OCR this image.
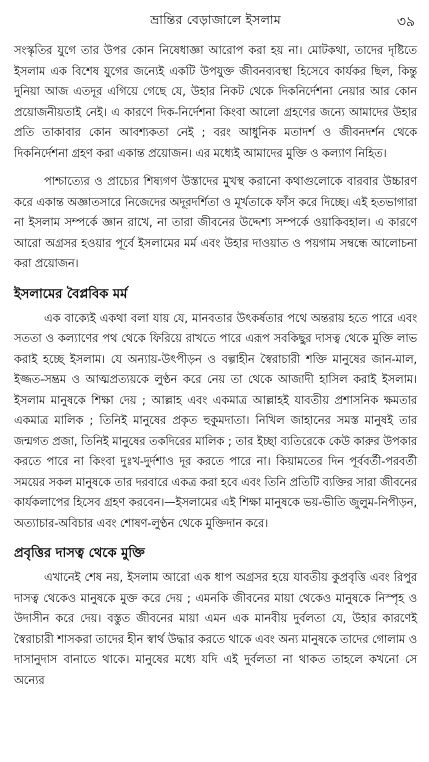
ভ্রান্তির বেড়াজালে ইসলাম	৩৯

সংস্কৃতির যুগে তার উপর কোন নিষেধাজ্ঞা আরোপ করা হয় না। মোটকথা, তাদের দৃষ্টিতে ইসলাম এক বিশেষ যুগের জন্যেই একটি উপযুক্ত জীবনব্যবস্থা হিসেবে কার্যকর ছিল, কিন্তু দুনিয়া আজ এতদূর এগিয়ে গেছে যে, উহার নিকট থেকে দিকনির্দেশনা নেয়ার আর কোন প্রয়োজনীয়তাই নেই। এ কারণে দিক-নির্দেশনা কিংবা আলো গ্রহণের জন্যে আমাদের উহার প্রতি তাকাবার কোন আবশ্যকতা নেই ; বরং আধুনিক মতাদর্শ ও জীবনদর্শন থেকে দিকনির্দেশনা গ্রহণ করা একান্ত প্রয়োজন। এর মধ্যেই আমাদের মুক্তি ও কল্যাণ নিহিত।

পাশ্চাত্যের ও প্রাচ্যের শিষ্যগণ উস্তাদের মুখস্থ করানো কথাগুলোকে বারবার উচ্চারণ করে একান্ত অজ্ঞাতসারে নিজেদের অদূরদর্শিতা ও মূর্খতাকে ফাঁস করে দিচ্ছে। এই হতভাগারা না ইসলাম সম্পর্কে জ্ঞান রাখে, না তারা জীবনের উদ্দেশ্য সম্পর্কে ওয়াকিবহাল। এ কারণে আরো অগ্রসর হওয়ার পূর্বে ইসলামের মর্ম এবং উহার দাওয়াত ও পয়গাম সম্বন্ধে আলোচনা করা প্রয়োজন।

ইসলামের বৈপ্লবিক মর্ম

এক বাক্যেই একথা বলা যায় যে, মানবতার উৎকর্ষতার পথে অন্তরায় হতে পারে এবং সততা ও কল্যাণের পথ থেকে ফিরিয়ে রাখতে পারে এরূপ সবকিছুর দাসত্ব থেকে মুক্তি লাভ করাই হচ্ছে ইসলাম। যে অন্যায়-উৎপীড়ন ও বল্গাহীন স্বৈরাচারী শক্তি মানুষের জান-মাল, ইজ্জত-সম্ভ্রম ও আত্মপ্রত্যয়কে লুণ্ঠন করে নেয় তা থেকে আজাদী হাসিল করাই ইসলাম। ইসলাম মানুষকে শিক্ষা দেয় ; আল্লাহ এবং একমাত্র আল্লাহই যাবতীয় প্রশাসনিক ক্ষমতার একমাত্র মালিক ; তিনিই মানুষের প্রকৃত হুকুমদাতা। নিখিল জাহানের সমস্ত মানুষই তার জন্মগত প্রজা, তিনিই মানুষের তকদিরের মালিক ; তার ইচ্ছা ব্যতিরেকে কেউ কারুর উপকার করতে পারে না কিংবা দুঃখ-দুর্দশাও দূর করতে পারে না। কিয়ামতের দিন পূর্ববর্তী-পরবর্তী সময়ের সকল মানুষকে তার দরবারে একত্র করা হবে এবং তিনি প্রতিটি ব্যক্তির সারা জীবনের কার্যকলাপের হিসেব গ্রহণ করবেন।—ইসলামের এই শিক্ষা মানুষকে ভয়-ভীতি জুলুম-নিপীড়ন, অত্যাচার-অবিচার এবং শোষণ-লুণ্ঠন থেকে মুক্তিদান করে।

প্রবৃত্তির দাসত্ব থেকে মুক্তি

এখানেই শেষ নয়, ইসলাম আরো এক ধাপ অগ্রসর হয়ে যাবতীয় কুপ্রবৃত্তি এবং রিপুর দাসত্ব থেকেও মানুষকে মুক্ত করে দেয় ; এমনকি জীবনের মায়া থেকেও মানুষকে নিস্পৃহ ও উদাসীন করে দেয়। বস্তুত জীবনের মায়া এমন এক মানবীয় দুর্বলতা যে, উহার কারণেই স্বৈরাচারী শাসকরা তাদের হীন স্বার্থ উদ্ধার করতে থাকে এবং অন্য মানুষকে তাদের গোলাম ও দাসানুদাস বানাতে থাকে। মানুষের মধ্যে যদি এই দুর্বলতা না থাকত তাহলে কখনো সে অন্যের
